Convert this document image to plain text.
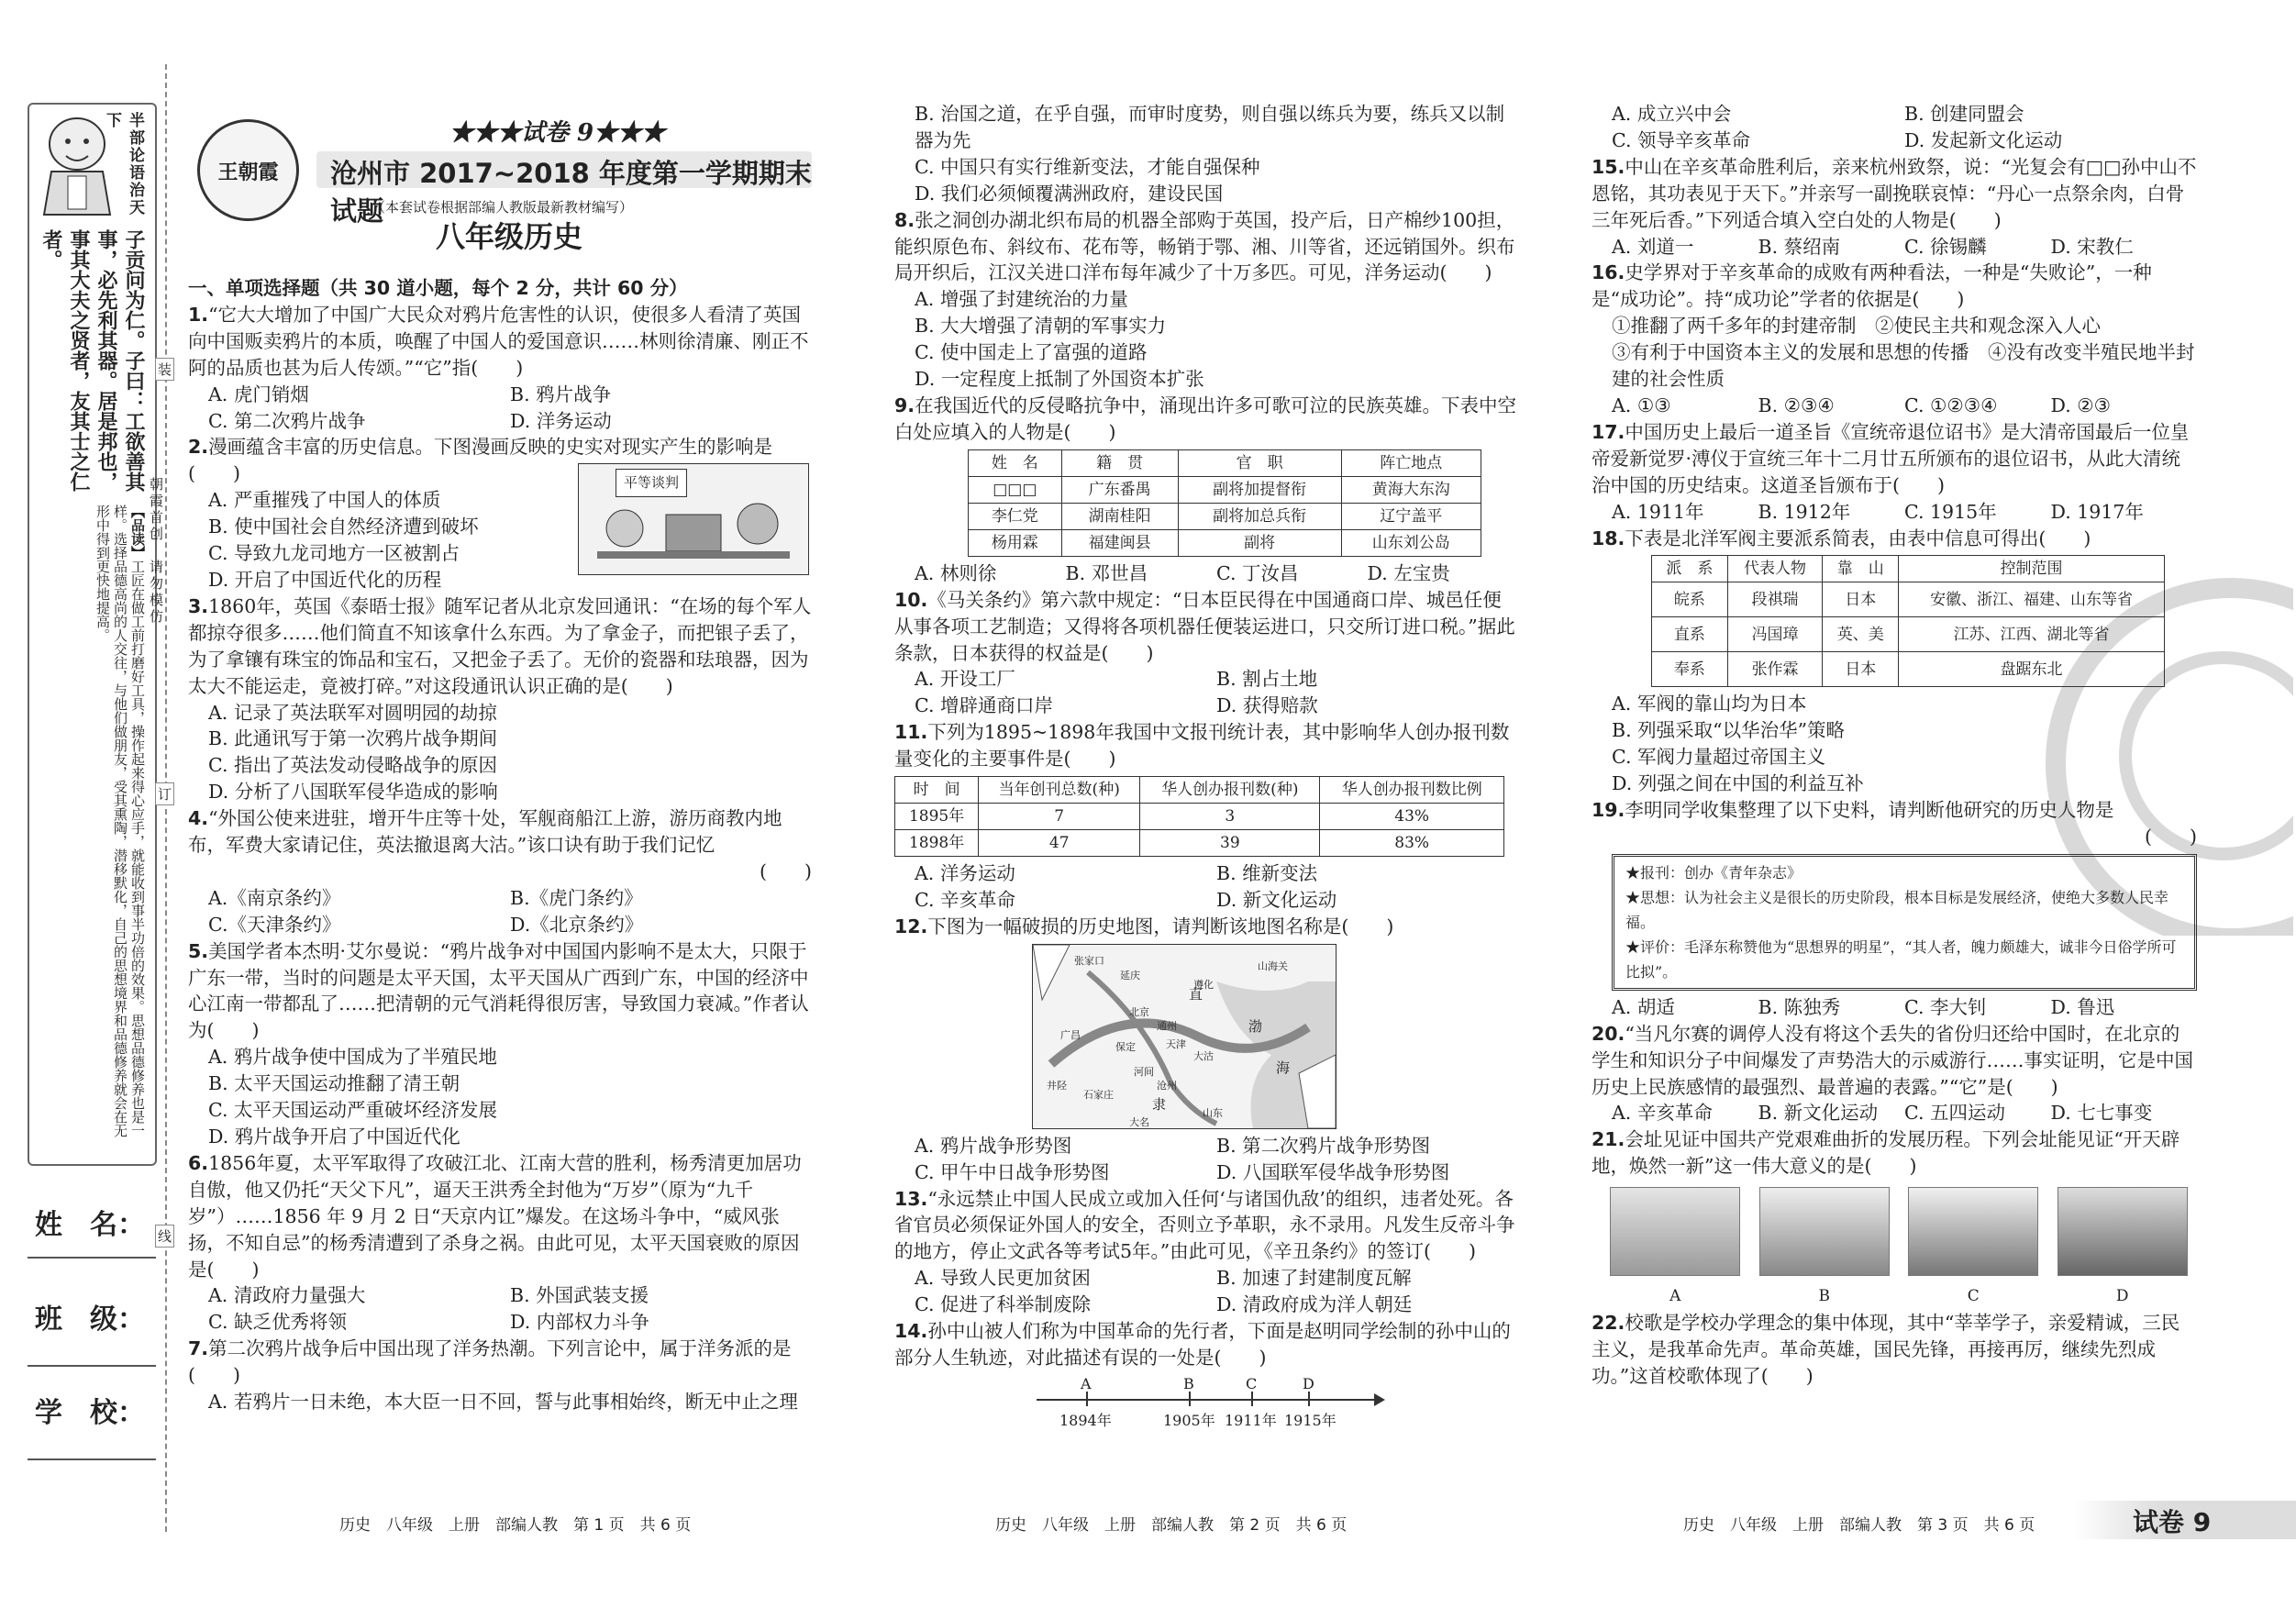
半部论语治天下
子贡问为仁。子曰：工欲善其事，必先利其器。居是邦也，事其大夫之贤者，友其士之仁者。
【品读】工匠在做工前打磨好工具，操作起来得心应手，就能收到事半功倍的效果。思想品德修养也是一样。选择品德高尚的人交往，与他们做朋友，受其熏陶，潜移默化，自己的思想境界和品德修养就会在无形中得到更快地提高。
装
订
线
朝霞首创　请勿模仿
姓　名：
班　级：
学　校：
王朝霞
★★★试卷 9★★★
沧州市 2017~2018 年度第一学期期末试题
（本套试卷根据部编人教版最新教材编写）
八年级历史

一、单项选择题（共 30 道小题，每个 2 分，共计 60 分）

1.“它大大增加了中国广大民众对鸦片危害性的认识，使很多人看清了英国向中国贩卖鸦片的本质，唤醒了中国人的爱国意识……林则徐清廉、刚正不阿的品质也甚为后人传颂。”“它”指(　　)

A. 虎门销烟	B. 鸦片战争
C. 第二次鸦片战争	D. 洋务运动

2.漫画蕴含丰富的历史信息。下图漫画反映的史实对现实产生的影响是(　　)	平等谈判

A. 严重摧残了中国人的体质

B. 使中国社会自然经济遭到破坏

C. 导致九龙司地方一区被割占

D. 开启了中国近代化的历程

3.1860年，英国《泰晤士报》随军记者从北京发回通讯：“在场的每个军人都掠夺很多……他们简直不知该拿什么东西。为了拿金子，而把银子丢了，为了拿镶有珠宝的饰品和宝石，又把金子丢了。无价的瓷器和珐琅器，因为太大不能运走，竟被打碎。”对这段通讯认识正确的是(　　)

A. 记录了英法联军对圆明园的劫掠

B. 此通讯写于第一次鸦片战争期间

C. 指出了英法发动侵略战争的原因

D. 分析了八国联军侵华造成的影响

4.“外国公使来进驻，增开牛庄等十处，军舰商船江上游，游历商教内地布，军费大家请记住，英法撤退离大沽。”该口诀有助于我们记忆

(　　)

A.《南京条约》	B.《虎门条约》
C.《天津条约》	D.《北京条约》

5.美国学者本杰明·艾尔曼说：“鸦片战争对中国国内影响不是太大，只限于广东一带，当时的问题是太平天国，太平天国从广西到广东，中国的经济中心江南一带都乱了……把清朝的元气消耗得很厉害，导致国力衰减。”作者认为(　　)

A. 鸦片战争使中国成为了半殖民地

B. 太平天国运动推翻了清王朝

C. 太平天国运动严重破坏经济发展

D. 鸦片战争开启了中国近代化

6.1856年夏，太平军取得了攻破江北、江南大营的胜利，杨秀清更加居功自傲，他又仍托“天父下凡”，逼天王洪秀全封他为“万岁”（原为“九千岁”）……1856 年 9 月 2 日“天京内讧”爆发。在这场斗争中，“威风张扬，不知自忌”的杨秀清遭到了杀身之祸。由此可见，太平天国衰败的原因是(　　)

A. 清政府力量强大	B. 外国武装支援
C. 缺乏优秀将领	D. 内部权力斗争

7.第二次鸦片战争后中国出现了洋务热潮。下列言论中，属于洋务派的是(　　)

A. 若鸦片一日未绝，本大臣一日不回，誓与此事相始终，断无中止之理

B. 治国之道，在乎自强，而审时度势，则自强以练兵为要，练兵又以制器为先

C. 中国只有实行维新变法，才能自强保种

D. 我们必须倾覆满洲政府，建设民国

8.张之洞创办湖北织布局的机器全部购于英国，投产后，日产棉纱100担，能织原色布、斜纹布、花布等，畅销于鄂、湘、川等省，还远销国外。织布局开织后，江汉关进口洋布每年减少了十万多匹。可见，洋务运动(　　)

A. 增强了封建统治的力量

B. 大大增强了清朝的军事实力

C. 使中国走上了富强的道路

D. 一定程度上抵制了外国资本扩张

9.在我国近代的反侵略抗争中，涌现出许多可歌可泣的民族英雄。下表中空白处应填入的人物是(　　)

姓　名	籍　贯	官　职	阵亡地点
□□□	广东番禺	副将加提督衔	黄海大东沟
李仁党	湖南桂阳	副将加总兵衔	辽宁盖平
杨用霖	福建闽县	副将	山东刘公岛
A. 林则徐	B. 邓世昌	C. 丁汝昌	D. 左宝贵

10.《马关条约》第六款中规定：“日本臣民得在中国通商口岸、城邑任便从事各项工艺制造；又得将各项机器任便装运进口，只交所订进口税。”据此条款，日本获得的权益是(　　)

A. 开设工厂	B. 割占土地
C. 增辟通商口岸	D. 获得赔款

11.下列为1895~1898年我国中文报刊统计表，其中影响华人创办报刊数量变化的主要事件是(　　)

时　间	当年创刊总数(种)	华人创办报刊数(种)	华人创办报刊数比例
1895年	7	3	43%
1898年	47	39	83%
A. 洋务运动	B. 维新变法
C. 辛亥革命	D. 新文化运动

12.下图为一幅破损的历史地图，请判断该地图名称是(　　)

张家口
延庆
遵化
山海关
北京
通州
天津
大沽
保定
河间
沧州
渤
海
直
隶
石家庄
大名
井陉
广昌
山东
A. 鸦片战争形势图	B. 第二次鸦片战争形势图
C. 甲午中日战争形势图	D. 八国联军侵华战争形势图

13.“永远禁止中国人民成立或加入任何‘与诸国仇敌’的组织，违者处死。各省官员必须保证外国人的安全，否则立予革职，永不录用。凡发生反帝斗争的地方，停止文武各等考试5年。”由此可见，《辛丑条约》的签订(　　)

A. 导致人民更加贫困	B. 加速了封建制度瓦解
C. 促进了科举制废除	D. 清政府成为洋人朝廷

14.孙中山被人们称为中国革命的先行者，下面是赵明同学绘制的孙中山的部分人生轨迹，对此描述有误的一处是(　　)

A	B	C	D
1894年	1905年 1911年 1915年
A. 成立兴中会	B. 创建同盟会
C. 领导辛亥革命	D. 发起新文化运动

15.中山在辛亥革命胜利后，亲来杭州致祭，说：“光复会有□□孙中山不恩铭，其功表见于天下。”并亲写一副挽联哀悼：“丹心一点祭余肉，白骨三年死后香。”下列适合填入空白处的人物是(　　)

A. 刘道一	B. 蔡绍南	C. 徐锡麟	D. 宋教仁

16.史学界对于辛亥革命的成败有两种看法，一种是“失败论”，一种是“成功论”。持“成功论”学者的依据是(　　)

①推翻了两千多年的封建帝制　②使民主共和观念深入人心

③有利于中国资本主义的发展和思想的传播　④没有改变半殖民地半封建的社会性质

A. ①③	B. ②③④	C. ①②③④	D. ②③

17.中国历史上最后一道圣旨《宣统帝退位诏书》是大清帝国最后一位皇帝爱新觉罗·溥仪于宣统三年十二月廿五所颁布的退位诏书，从此大清统治中国的历史结束。这道圣旨颁布于(　　)

A. 1911年	B. 1912年	C. 1915年	D. 1917年

18.下表是北洋军阀主要派系简表，由表中信息可得出(　　)

派　系	代表人物	靠　山	控制范围
皖系	段祺瑞	日本	安徽、浙江、福建、山东等省
直系	冯国璋	英、美	江苏、江西、湖北等省
奉系	张作霖	日本	盘踞东北

A. 军阀的靠山均为日本

B. 列强采取“以华治华”策略

C. 军阀力量超过帝国主义

D. 列强之间在中国的利益互补

19.李明同学收集整理了以下史料，请判断他研究的历史人物是

(　　)

★报刊：创办《青年杂志》

★思想：认为社会主义是很长的历史阶段，根本目标是发展经济，使绝大多数人民幸福。

★评价：毛泽东称赞他为“思想界的明星”，“其人者，魄力颇雄大，诚非今日俗学所可比拟”。

A. 胡适	B. 陈独秀	C. 李大钊	D. 鲁迅

20.“当凡尔赛的调停人没有将这个丢失的省份归还给中国时，在北京的学生和知识分子中间爆发了声势浩大的示威游行……事实证明，它是中国历史上民族感情的最强烈、最普遍的表露。”“它”是(　　)

A. 辛亥革命	B. 新文化运动	C. 五四运动	D. 七七事变

21.会址见证中国共产党艰难曲折的发展历程。下列会址能见证“开天辟地，焕然一新”这一伟大意义的是(　　)

A	B	C	D

22.校歌是学校办学理念的集中体现，其中“莘莘学子，亲爱精诚，三民主义，是我革命先声。革命英雄，国民先锋，再接再厉，继续先烈成功。”这首校歌体现了(　　)

历史　八年级　上册　部编人教　第 1 页　共 6 页	历史　八年级　上册　部编人教　第 2 页　共 6 页	历史　八年级　上册　部编人教　第 3 页　共 6 页	试卷 9
